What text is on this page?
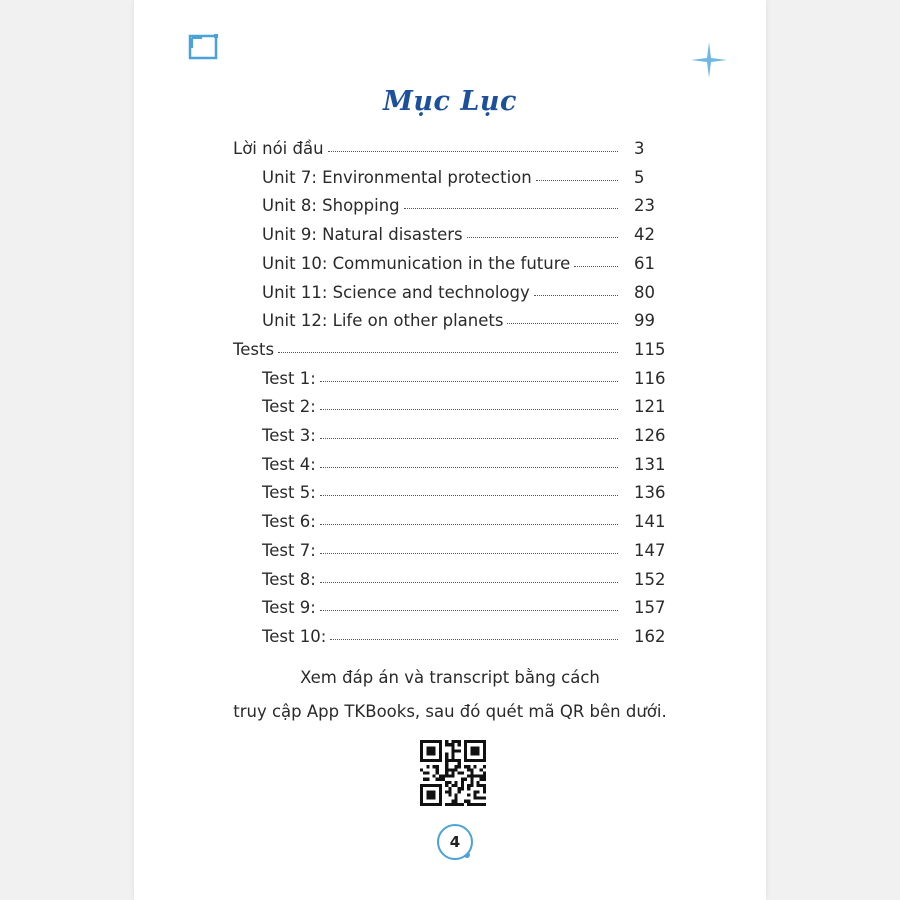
Mục Lục
Lời nói đầu	3
Unit 7: Environmental protection	5
Unit 8: Shopping	23
Unit 9: Natural disasters	42
Unit 10: Communication in the future	61
Unit 11: Science and technology	80
Unit 12: Life on other planets	99
Tests	115
Test 1:	116
Test 2:	121
Test 3:	126
Test 4:	131
Test 5:	136
Test 6:	141
Test 7:	147
Test 8:	152
Test 9:	157
Test 10:	162
Xem đáp án và transcript bằng cách
truy cập App TKBooks, sau đó quét mã QR bên dưới.
4
